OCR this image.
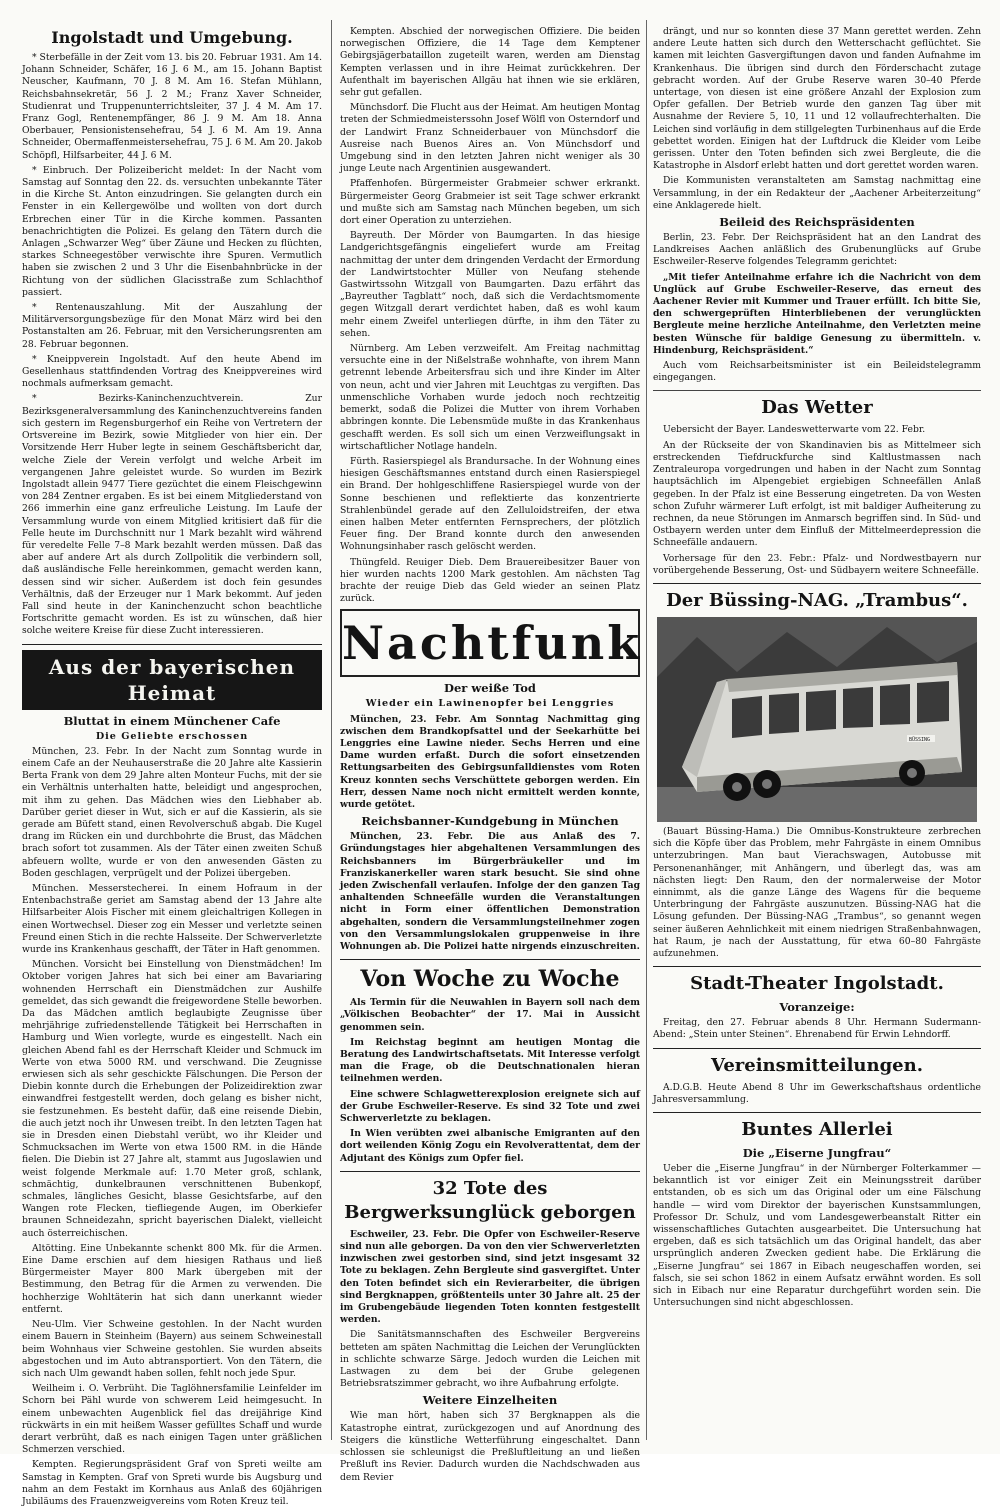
Ingolstadt und Umgebung.

* Sterbefälle in der Zeit vom 13. bis 20. Februar 1931. Am 14. Johann Schneider, Schäfer, 16 J. 6 M., am 15. Johann Baptist Neuscher, Kaufmann, 70 J. 8 M. Am 16. Stefan Mühlann, Reichsbahnsekretär, 56 J. 2 M.; Franz Xaver Schneider, Studienrat und Truppenunterrichtsleiter, 37 J. 4 M. Am 17. Franz Gogl, Rentenempfänger, 86 J. 9 M. Am 18. Anna Oberbauer, Pensionistensehefrau, 54 J. 6 M. Am 19. Anna Schneider, Obermaffenmeistersehefrau, 75 J. 6 M. Am 20. Jakob Schöpfl, Hilfsarbeiter, 44 J. 6 M.

* Einbruch. Der Polizeibericht meldet: In der Nacht vom Samstag auf Sonntag den 22. ds. versuchten unbekannte Täter in die Kirche St. Anton einzudringen. Sie gelangten durch ein Fenster in ein Kellergewölbe und wollten von dort durch Erbrechen einer Tür in die Kirche kommen. Passanten benachrichtigten die Polizei. Es gelang den Tätern durch die Anlagen „Schwarzer Weg“ über Zäune und Hecken zu flüchten, starkes Schneegestöber verwischte ihre Spuren. Vermutlich haben sie zwischen 2 und 3 Uhr die Eisenbahnbrücke in der Richtung von der südlichen Glacisstraße zum Schlachthof passiert.

* Rentenauszahlung. Mit der Auszahlung der Militärversorgungsbezüge für den Monat März wird bei den Postanstalten am 26. Februar, mit den Versicherungsrenten am 28. Februar begonnen.

* Kneippverein Ingolstadt. Auf den heute Abend im Gesellenhaus stattfindenden Vortrag des Kneippvereines wird nochmals aufmerksam gemacht.

* Bezirks-Kaninchenzuchtverein. Zur Bezirksgeneralversammlung des Kaninchenzuchtvereins fanden sich gestern im Regensburgerhof ein Reihe von Vertretern der Ortsvereine im Bezirk, sowie Mitglieder von hier ein. Der Vorsitzende Herr Huber legte in seinem Geschäftsbericht dar, welche Ziele der Verein verfolgt und welche Arbeit im vergangenen Jahre geleistet wurde. So wurden im Bezirk Ingolstadt allein 9477 Tiere gezüchtet die einem Fleischgewinn von 284 Zentner ergaben. Es ist bei einem Mitgliederstand von 266 immerhin eine ganz erfreuliche Leistung. Im Laufe der Versammlung wurde von einem Mitglied kritisiert daß für die Felle heute im Durchschnitt nur 1 Mark bezahlt wird während für veredelte Felle 7–8 Mark bezahlt werden müssen. Daß das aber auf andere Art als durch Zollpolitik die verbindern soll, daß ausländische Felle hereinkommen, gemacht werden kann, dessen sind wir sicher. Außerdem ist doch fein gesundes Verhältnis, daß der Erzeuger nur 1 Mark bekommt. Auf jeden Fall sind heute in der Kaninchenzucht schon beachtliche Fortschritte gemacht worden. Es ist zu wünschen, daß hier solche weitere Kreise für diese Zucht interessieren.

Aus der bayerischen Heimat
Bluttat in einem Münchener Cafe
Die Geliebte erschossen

München, 23. Febr. In der Nacht zum Sonntag wurde in einem Cafe an der Neuhauserstraße die 20 Jahre alte Kassierin Berta Frank von dem 29 Jahre alten Monteur Fuchs, mit der sie ein Verhältnis unterhalten hatte, beleidigt und angesprochen, mit ihm zu gehen. Das Mädchen wies den Liebhaber ab. Darüber geriet dieser in Wut, sich er auf die Kassierin, als sie gerade am Büfett stand, einen Revolverschuß abgab. Die Kugel drang im Rücken ein und durchbohrte die Brust, das Mädchen brach sofort tot zusammen. Als der Täter einen zweiten Schuß abfeuern wollte, wurde er von den anwesenden Gästen zu Boden geschlagen, verprügelt und der Polizei übergeben.

München. Messerstecherei. In einem Hofraum in der Entenbachstraße geriet am Samstag abend der 13 Jahre alte Hilfsarbeiter Alois Fischer mit einem gleichaltrigen Kollegen in einen Wortwechsel. Dieser zog ein Messer und verletzte seinen Freund einen Stich in die rechte Halsseite. Der Schwerverletzte wurde ins Krankenhaus geschafft, der Täter in Haft genommen.

München. Vorsicht bei Einstellung von Dienstmädchen! Im Oktober vorigen Jahres hat sich bei einer am Bavariaring wohnenden Herrschaft ein Dienstmädchen zur Aushilfe gemeldet, das sich gewandt die freigewordene Stelle beworben. Da das Mädchen amtlich beglaubigte Zeugnisse über mehrjährige zufriedenstellende Tätigkeit bei Herrschaften in Hamburg und Wien vorlegte, wurde es eingestellt. Nach ein gleichen Abend fahl es der Herrschaft Kleider und Schmuck im Werte von etwa 5000 RM. und verschwand. Die Zeugnisse erwiesen sich als sehr geschickte Fälschungen. Die Person der Diebin konnte durch die Erhebungen der Polizeidirektion zwar einwandfrei festgestellt werden, doch gelang es bisher nicht, sie festzunehmen. Es besteht dafür, daß eine reisende Diebin, die auch jetzt noch ihr Unwesen treibt. In den letzten Tagen hat sie in Dresden einen Diebstahl verübt, wo ihr Kleider und Schmucksachen im Werte von etwa 1500 RM. in die Hände fielen. Die Diebin ist 27 Jahre alt, stammt aus Jugoslawien und weist folgende Merkmale auf: 1.70 Meter groß, schlank, schmächtig, dunkelbraunen verschnittenen Bubenkopf, schmales, längliches Gesicht, blasse Gesichtsfarbe, auf den Wangen rote Flecken, tiefliegende Augen, im Oberkiefer braunen Schneidezahn, spricht bayerischen Dialekt, vielleicht auch österreichischen.

Altötting. Eine Unbekannte schenkt 800 Mk. für die Armen. Eine Dame erschien auf dem hiesigen Rathaus und ließ Bürgermeister Mayer 800 Mark übergeben mit der Bestimmung, den Betrag für die Armen zu verwenden. Die hochherzige Wohltäterin hat sich dann unerkannt wieder entfernt.

Neu-Ulm. Vier Schweine gestohlen. In der Nacht wurden einem Bauern in Steinheim (Bayern) aus seinem Schweinestall beim Wohnhaus vier Schweine gestohlen. Sie wurden abseits abgestochen und im Auto abtransportiert. Von den Tätern, die sich nach Ulm gewandt haben sollen, fehlt noch jede Spur.

Weilheim i. O. Verbrüht. Die Taglöhnersfamilie Leinfelder im Schorn bei Pähl wurde von schwerem Leid heimgesucht. In einem unbewachten Augenblick fiel das dreijährige Kind rückwärts in ein mit heißem Wasser gefülltes Schaff und wurde derart verbrüht, daß es nach einigen Tagen unter gräßlichen Schmerzen verschied.

Kempten. Regierungspräsident Graf von Spreti weilte am Samstag in Kempten. Graf von Spreti wurde bis Augsburg und nahm an dem Festakt im Kornhaus aus Anlaß des 60jährigen Jubiläums des Frauenzweigvereins vom Roten Kreuz teil.

Kempten. Abschied der norwegischen Offiziere. Die beiden norwegischen Offiziere, die 14 Tage dem Kemptener Gebirgsjägerbataillon zugeteilt waren, werden am Dienstag Kempten verlassen und in ihre Heimat zurückkehren. Der Aufenthalt im bayerischen Allgäu hat ihnen wie sie erklären, sehr gut gefallen.

Münchsdorf. Die Flucht aus der Heimat. Am heutigen Montag treten der Schmiedmeisterssohn Josef Wölfl von Osterndorf und der Landwirt Franz Schneiderbauer von Münchsdorf die Ausreise nach Buenos Aires an. Von Münchsdorf und Umgebung sind in den letzten Jahren nicht weniger als 30 junge Leute nach Argentinien ausgewandert.

Pfaffenhofen. Bürgermeister Grabmeier schwer erkrankt. Bürgermeister Georg Grabmeier ist seit Tage schwer erkrankt und mußte sich am Samstag nach München begeben, um sich dort einer Operation zu unterziehen.

Bayreuth. Der Mörder von Baumgarten. In das hiesige Landgerichtsgefängnis eingeliefert wurde am Freitag nachmittag der unter dem dringenden Verdacht der Ermordung der Landwirtstochter Müller von Neufang stehende Gastwirtssohn Witzgall von Baumgarten. Dazu erfährt das „Bayreuther Tagblatt“ noch, daß sich die Verdachtsmomente gegen Witzgall derart verdichtet haben, daß es wohl kaum mehr einem Zweifel unterliegen dürfte, in ihm den Täter zu sehen.

Nürnberg. Am Leben verzweifelt. Am Freitag nachmittag versuchte eine in der Nißelstraße wohnhafte, von ihrem Mann getrennt lebende Arbeitersfrau sich und ihre Kinder im Alter von neun, acht und vier Jahren mit Leuchtgas zu vergiften. Das unmenschliche Vorhaben wurde jedoch noch rechtzeitig bemerkt, sodaß die Polizei die Mutter von ihrem Vorhaben abbringen konnte. Die Lebensmüde mußte in das Krankenhaus geschafft werden. Es soll sich um einen Verzweiflungsakt in wirtschaftlicher Notlage handeln.

Fürth. Rasierspiegel als Brandursache. In der Wohnung eines hiesigen Geschäftsmannes entstand durch einen Rasierspiegel ein Brand. Der hohlgeschliffene Rasierspiegel wurde von der Sonne beschienen und reflektierte das konzentrierte Strahlenbündel gerade auf den Zelluloidstreifen, der etwa einen halben Meter entfernten Fernsprechers, der plötzlich Feuer fing. Der Brand konnte durch den anwesenden Wohnungsinhaber rasch gelöscht werden.

Thüngfeld. Reuiger Dieb. Dem Brauereibesitzer Bauer von hier wurden nachts 1200 Mark gestohlen. Am nächsten Tag brachte der reuige Dieb das Geld wieder an seinen Platz zurück.

Nachtfunk
Der weiße Tod
Wieder ein Lawinenopfer bei Lenggries

München, 23. Febr. Am Sonntag Nachmittag ging zwischen dem Brandkopfsattel und der Seekarhütte bei Lenggries eine Lawine nieder. Sechs Herren und eine Dame wurden erfaßt. Durch die sofort einsetzenden Rettungsarbeiten des Gebirgsunfalldienstes vom Roten Kreuz konnten sechs Verschüttete geborgen werden. Ein Herr, dessen Name noch nicht ermittelt werden konnte, wurde getötet.

Reichsbanner-Kundgebung in München

München, 23. Febr. Die aus Anlaß des 7. Gründungstages hier abgehaltenen Versammlungen des Reichsbanners im Bürgerbräukeller und im Franziskanerkeller waren stark besucht. Sie sind ohne jeden Zwischenfall verlaufen. Infolge der den ganzen Tag anhaltenden Schneefälle wurden die Veranstaltungen nicht in Form einer öffentlichen Demonstration abgehalten, sondern die Versammlungsteilnehmer zogen von den Versammlungslokalen gruppenweise in ihre Wohnungen ab. Die Polizei hatte nirgends einzuschreiten.

Von Woche zu Woche

Als Termin für die Neuwahlen in Bayern soll nach dem „Völkischen Beobachter“ der 17. Mai in Aussicht genommen sein.

Im Reichstag beginnt am heutigen Montag die Beratung des Landwirtschaftsetats. Mit Interesse verfolgt man die Frage, ob die Deutschnationalen hieran teilnehmen werden.

Eine schwere Schlagwetterexplosion ereignete sich auf der Grube Eschweiler-Reserve. Es sind 32 Tote und zwei Schwerverletzte zu beklagen.

In Wien verübten zwei albanische Emigranten auf den dort weilenden König Zogu ein Revolverattentat, dem der Adjutant des Königs zum Opfer fiel.

32 Tote des Bergwerksunglück geborgen

Eschweiler, 23. Febr. Die Opfer von Eschweiler-Reserve sind nun alle geborgen. Da von den vier Schwerverletzten inzwischen zwei gestorben sind, sind jetzt insgesamt 32 Tote zu beklagen. Zehn Bergleute sind gasvergiftet. Unter den Toten befindet sich ein Revierarbeiter, die übrigen sind Bergknappen, größtenteils unter 30 Jahre alt. 25 der im Grubengebäude liegenden Toten konnten festgestellt werden.

Die Sanitätsmannschaften des Eschweiler Bergvereins betteten am späten Nachmittag die Leichen der Verunglückten in schlichte schwarze Särge. Jedoch wurden die Leichen mit Lastwagen zu dem bei der Grube gelegenen Betriebsratszimmer gebracht, wo ihre Aufbahrung erfolgte.

Weitere Einzelheiten

Wie man hört, haben sich 37 Bergknappen als die Katastrophe eintrat, zurückgezogen und auf Anordnung des Steigers die künstliche Wetterführung eingeschaltet. Dann schlossen sie schleunigst die Preßluftleitung an und ließen Preßluft ins Revier. Dadurch wurden die Nachdschwaden aus dem Revier

drängt, und nur so konnten diese 37 Mann gerettet werden. Zehn andere Leute hatten sich durch den Wetterschacht geflüchtet. Sie kamen mit leichten Gasvergiftungen davon und fanden Aufnahme im Krankenhaus. Die übrigen sind durch den Förderschacht zutage gebracht worden. Auf der Grube Reserve waren 30–40 Pferde untertage, von diesen ist eine größere Anzahl der Explosion zum Opfer gefallen. Der Betrieb wurde den ganzen Tag über mit Ausnahme der Reviere 5, 10, 11 und 12 vollaufrechterhalten. Die Leichen sind vorläufig in dem stillgelegten Turbinenhaus auf die Erde gebettet worden. Einigen hat der Luftdruck die Kleider vom Leibe gerissen. Unter den Toten befinden sich zwei Bergleute, die die Katastrophe in Alsdorf erlebt hatten und dort gerettet worden waren.

Die Kommunisten veranstalteten am Samstag nachmittag eine Versammlung, in der ein Redakteur der „Aachener Arbeiterzeitung“ eine Anklagerede hielt.

Beileid des Reichspräsidenten

Berlin, 23. Febr. Der Reichspräsident hat an den Landrat des Landkreises Aachen anläßlich des Grubenunglücks auf Grube Eschweiler-Reserve folgendes Telegramm gerichtet:

„Mit tiefer Anteilnahme erfahre ich die Nachricht von dem Unglück auf Grube Eschweiler-Reserve, das erneut des Aachener Revier mit Kummer und Trauer erfüllt. Ich bitte Sie, den schwergeprüften Hinterbliebenen der verunglückten Bergleute meine herzliche Anteilnahme, den Verletzten meine besten Wünsche für baldige Genesung zu übermitteln. v. Hindenburg, Reichspräsident.“

Auch vom Reichsarbeitsminister ist ein Beileidstelegramm eingegangen.

Das Wetter

Uebersicht der Bayer. Landeswetterwarte vom 22. Febr.

An der Rückseite der von Skandinavien bis as Mittelmeer sich erstreckenden Tiefdruckfurche sind Kaltlustmassen nach Zentraleuropa vorgedrungen und haben in der Nacht zum Sonntag hauptsächlich im Alpengebiet ergiebigen Schneefällen Anlaß gegeben. In der Pfalz ist eine Besserung eingetreten. Da von Westen schon Zufuhr wärmerer Luft erfolgt, ist mit baldiger Aufheiterung zu rechnen, da neue Störungen im Anmarsch begriffen sind. In Süd- und Ostbayern werden unter dem Einfluß der Mittelmeerdepression die Schneefälle andauern.

Vorhersage für den 23. Febr.: Pfalz- und Nordwestbayern nur vorübergehende Besserung, Ost- und Südbayern weitere Schneefälle.

Der Büssing-NAG. „Trambus“.
BÜSSING

(Bauart Büssing-Hama.) Die Omnibus-Konstrukteure zerbrechen sich die Köpfe über das Problem, mehr Fahrgäste in einem Omnibus unterzubringen. Man baut Vierachswagen, Autobusse mit Personenanhänger, mit Anhängern, und überlegt das, was am nächsten liegt: Den Raum, den der normalerweise der Motor einnimmt, als die ganze Länge des Wagens für die bequeme Unterbringung der Fahrgäste auszunutzen. Büssing-NAG hat die Lösung gefunden. Der Büssing-NAG „Trambus“, so genannt wegen seiner äußeren Aehnlichkeit mit einem niedrigen Straßenbahnwagen, hat Raum, je nach der Ausstattung, für etwa 60–80 Fahrgäste aufzunehmen.

Stadt-Theater Ingolstadt.
Voranzeige:

Freitag, den 27. Februar abends 8 Uhr. Hermann Sudermann-Abend: „Stein unter Steinen“. Ehrenabend für Erwin Lehndorff.

Vereinsmitteilungen.

A.D.G.B. Heute Abend 8 Uhr im Gewerkschaftshaus ordentliche Jahresversammlung.

Buntes Allerlei
Die „Eiserne Jungfrau“

Ueber die „Eiserne Jungfrau“ in der Nürnberger Folterkammer — bekanntlich ist vor einiger Zeit ein Meinungsstreit darüber entstanden, ob es sich um das Original oder um eine Fälschung handle — wird vom Direktor der bayerischen Kunstsammlungen, Professor Dr. Schulz, und vom Landesgewerbeanstalt Ritter ein wissenschaftliches Gutachten ausgearbeitet. Die Untersuchung hat ergeben, daß es sich tatsächlich um das Original handelt, das aber ursprünglich anderen Zwecken gedient habe. Die Erklärung die „Eiserne Jungfrau“ sei 1867 in Eibach neugeschaffen worden, sei falsch, sie sei schon 1862 in einem Aufsatz erwähnt worden. Es soll sich in Eibach nur eine Reparatur durchgeführt worden sein. Die Untersuchungen sind nicht abgeschlossen.
